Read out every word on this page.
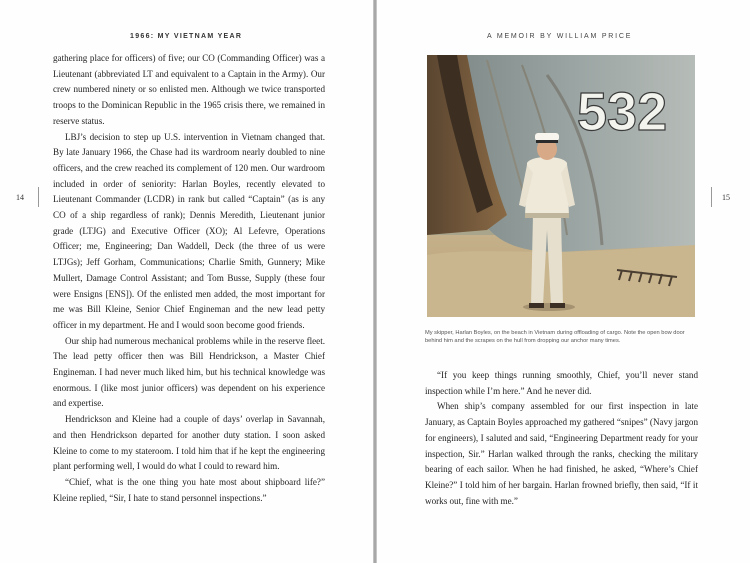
1966: MY VIETNAM YEAR
14

gathering place for officers) of five; our CO (Commanding Officer) was a Lieutenant (abbreviated LT and equivalent to a Captain in the Army). Our crew numbered ninety or so enlisted men. Although we twice transported troops to the Dominican Republic in the 1965 crisis there, we remained in reserve status.

LBJ’s decision to step up U.S. intervention in Vietnam changed that. By late January 1966, the Chase had its wardroom nearly doubled to nine officers, and the crew reached its complement of 120 men. Our wardroom included in order of seniority: Harlan Boyles, recently elevated to Lieutenant Commander (LCDR) in rank but called “Captain” (as is any CO of a ship regardless of rank); Dennis Meredith, Lieutenant junior grade (LTJG) and Executive Officer (XO); Al Lefevre, Operations Officer; me, Engineering; Dan Waddell, Deck (the three of us were LTJGs); Jeff Gorham, Communications; Charlie Smith, Gunnery; Mike Mullert, Damage Control Assistant; and Tom Busse, Supply (these four were Ensigns [ENS]). Of the enlisted men added, the most important for me was Bill Kleine, Senior Chief Engineman and the new lead petty officer in my department. He and I would soon become good friends.

Our ship had numerous mechanical problems while in the reserve fleet. The lead petty officer then was Bill Hendrickson, a Master Chief Engineman. I had never much liked him, but his technical knowledge was enormous. I (like most junior officers) was dependent on his experience and expertise.

Hendrickson and Kleine had a couple of days’ overlap in Savannah, and then Hendrickson departed for another duty station. I soon asked Kleine to come to my stateroom. I told him that if he kept the engineering plant performing well, I would do what I could to reward him.

“Chief, what is the one thing you hate most about shipboard life?” Kleine replied, “Sir, I hate to stand personnel inspections.”

A MEMOIR BY WILLIAM PRICE
15
532
My skipper, Harlan Boyles, on the beach in Vietnam during offloading of cargo. Note the open bow door behind him and the scrapes on the hull from dropping our anchor many times.

“If you keep things running smoothly, Chief, you’ll never stand inspection while I’m here.” And he never did.

When ship’s company assembled for our first inspection in late January, as Captain Boyles approached my gathered “snipes” (Navy jargon for engineers), I saluted and said, “Engineering Department ready for your inspection, Sir.” Harlan walked through the ranks, checking the military bearing of each sailor. When he had finished, he asked, “Where’s Chief Kleine?” I told him of her bargain. Harlan frowned briefly, then said, “If it works out, fine with me.”
